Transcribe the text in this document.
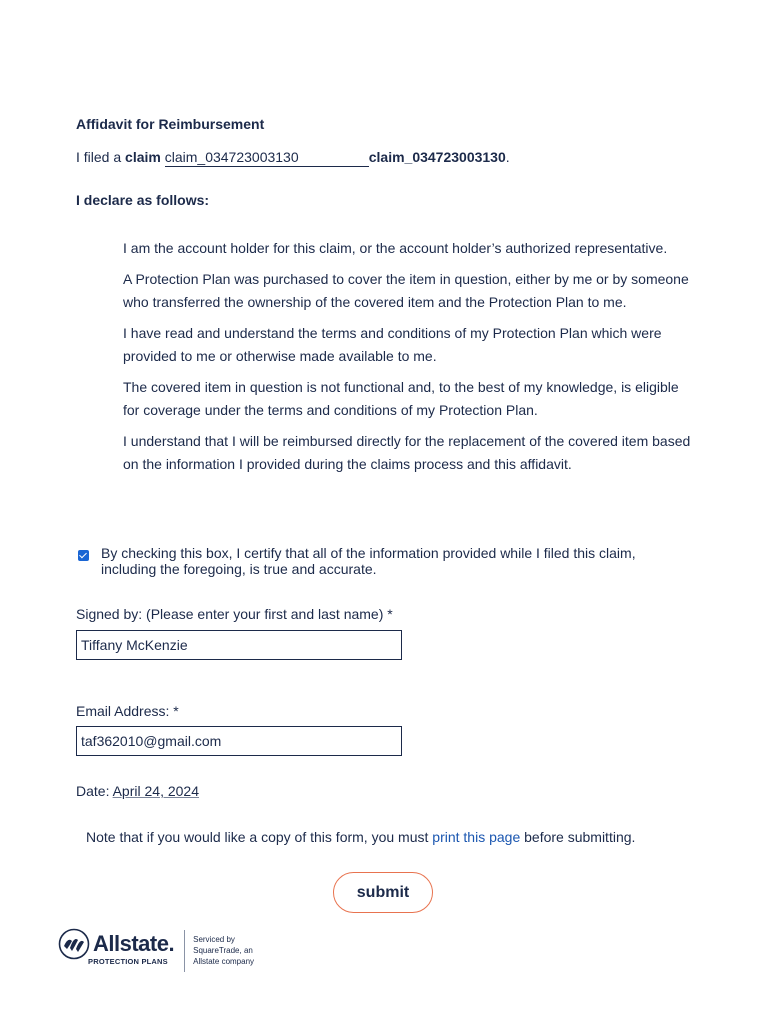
Affidavit for Reimbursement
I filed a claim claim_034723003130	claim_034723003130.
I declare as follows:
I am the account holder for this claim, or the account holder’s authorized representative.
A Protection Plan was purchased to cover the item in question, either by me or by someone who transferred the ownership of the covered item and the Protection Plan to me.
I have read and understand the terms and conditions of my Protection Plan which were provided to me or otherwise made available to me.
The covered item in question is not functional and, to the best of my knowledge, is eligible for coverage under the terms and conditions of my Protection Plan.
I understand that I will be reimbursed directly for the replacement of the covered item based on the information I provided during the claims process and this affidavit.
By checking this box, I certify that all of the information provided while I filed this claim, including the foregoing, is true and accurate.
Signed by: (Please enter your first and last name) *
Tiffany McKenzie
Email Address: *
taf362010@gmail.com
Date: April 24, 2024
Note that if you would like a copy of this form, you must print this page before submitting.
submit
Allstate.
PROTECTION PLANS
Serviced by
SquareTrade, an
Allstate company
